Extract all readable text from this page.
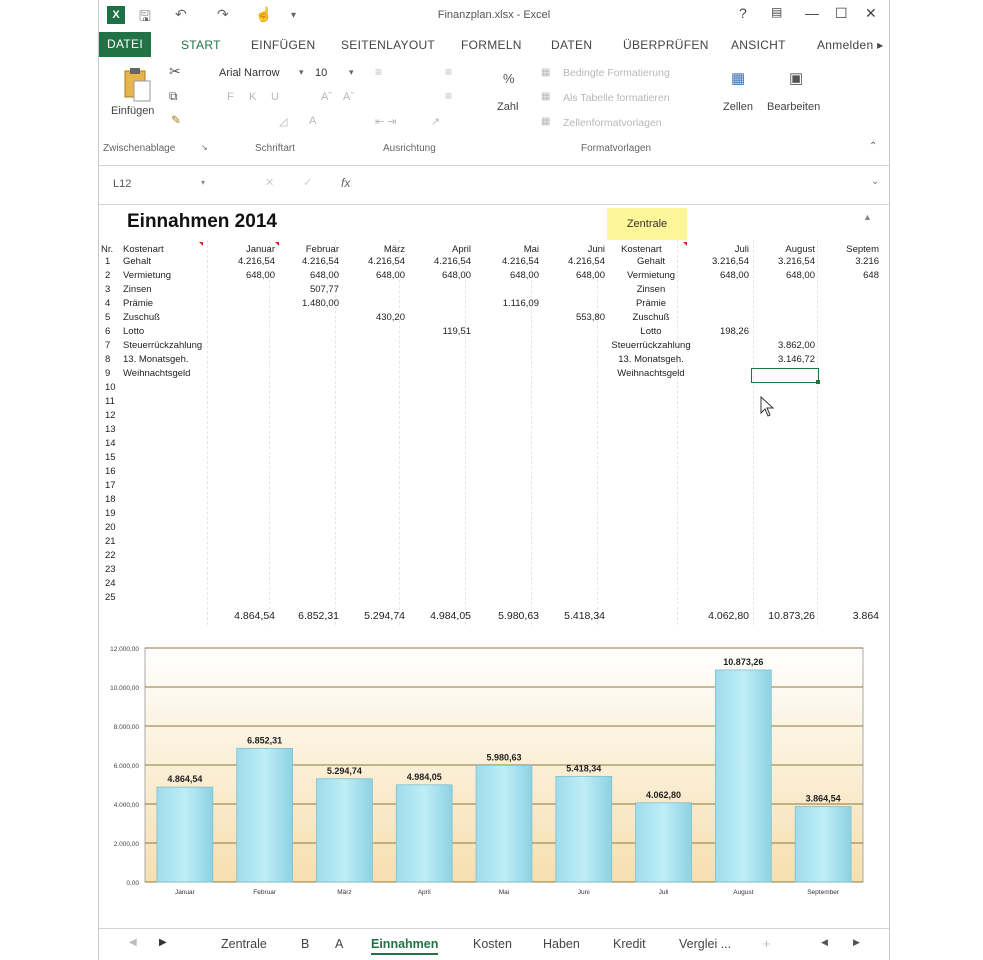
X	🖫 ↶ ↷ ☝ ▾	Finanzplan.xlsx - Excel	? ▤ — ☐ ✕
DATEI	START	EINFÜGEN SEITENLAYOUT FORMELN DATEN	ÜBERPRÜFEN ANSICHT	Anmelden ▸
Einfügen
✂
⧉
✎
Arial Narrow ▾ 10 ▾
F K U	Aˆ Aˇ
A
◿
≡	≡
≡
⇤ ⇥	↗
%
Zahl
▦ Bedingte Formatierung
▦ Als Tabelle formatieren
▦ Zellenformatvorlagen
▦
Zellen
▣
Bearbeiten
Zwischenablage	↘	Schriftart	Ausrichtung	Formatvorlagen	⌃
L12	▾	✕	✓ fx	⌄
Einnahmen 2014	Zentrale
▲
0,00
2.000,00
4.000,00
6.000,00
8.000,00
10.000,00
12.000,00
4.864,54
Januar
6.852,31
Februar
5.294,74
März
4.984,05
April
5.980,63
Mai
5.418,34
Juni
4.062,80
Juli
10.873,26
August
3.864,54
September
◀ ▶	Zentrale	B A Einnahmen	Kosten Haben	Kredit	Verglei ...	+	◀	▶
Nr. Kostenart	Januar	Februar	März	April	Mai	Juni Kostenart	Juli	August	Septem
1
2
3
4
5
6
7
8
9
10
11
12
13
14
15
16
17
18
19
20
21
22
23
24
25
Gehalt	Gehalt
4.216,54	4.216,54	4.216,54	4.216,54	4.216,54	4.216,54	3.216,54	3.216,54	3.216
Vermietung	Vermietung
648,00	648,00	648,00	648,00	648,00	648,00	648,00	648,00	648
Zinsen	Zinsen
507,77
Prämie	Prämie
1.480,00	1.116,09
Zuschuß	Zuschuß
430,20	553,80
Lotto	Lotto
119,51	198,26
Steuerrückzahlung	Steuerrückzahlung	3.862,00
13. Monatsgeh.	13. Monatsgeh.	3.146,72
Weihnachtsgeld	Weihnachtsgeld
4.864,54	6.852,31	5.294,74	4.984,05	5.980,63	5.418,34	4.062,80	10.873,26	3.864
